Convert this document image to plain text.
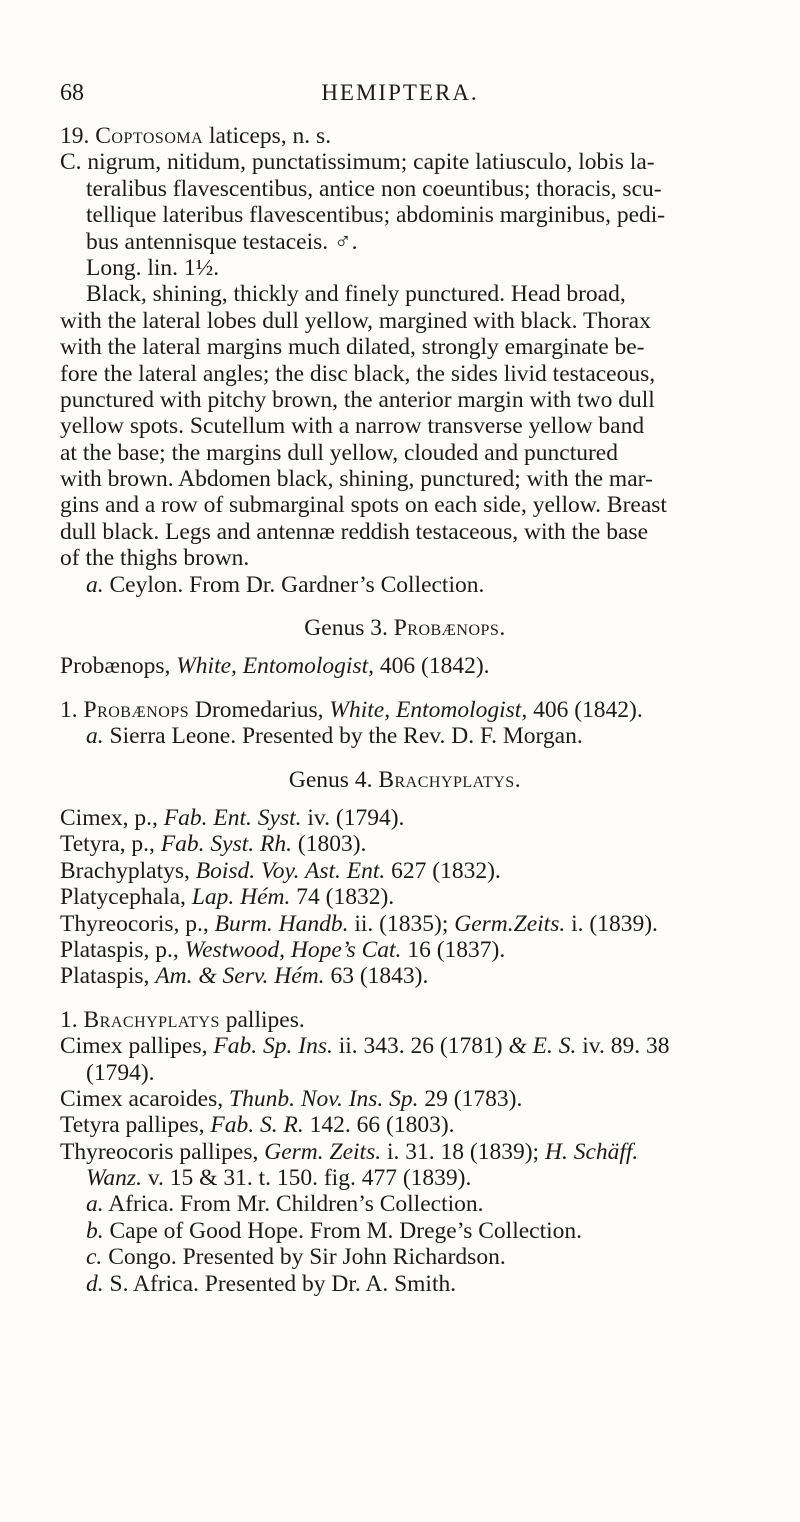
68	HEMIPTERA.
19. Coptosoma laticeps, n. s.
C. nigrum, nitidum, punctatissimum; capite latiusculo, lobis la-
teralibus flavescentibus, antice non coeuntibus; thoracis, scu-
tellique lateribus flavescentibus; abdominis marginibus, pedi-
bus antennisque testaceis. ♂.
Long. lin. 1½.
Black, shining, thickly and finely punctured. Head broad,
with the lateral lobes dull yellow, margined with black. Thorax
with the lateral margins much dilated, strongly emarginate be-
fore the lateral angles; the disc black, the sides livid testaceous,
punctured with pitchy brown, the anterior margin with two dull
yellow spots. Scutellum with a narrow transverse yellow band
at the base; the margins dull yellow, clouded and punctured
with brown. Abdomen black, shining, punctured; with the mar-
gins and a row of submarginal spots on each side, yellow. Breast
dull black. Legs and antennæ reddish testaceous, with the base
of the thighs brown.
a. Ceylon. From Dr. Gardner’s Collection.
Genus 3. Probænops.
Probænops, White, Entomologist, 406 (1842).
1. Probænops Dromedarius, White, Entomologist, 406 (1842).
a. Sierra Leone. Presented by the Rev. D. F. Morgan.
Genus 4. Brachyplatys.
Cimex, p., Fab. Ent. Syst. iv. (1794).
Tetyra, p., Fab. Syst. Rh. (1803).
Brachyplatys, Boisd. Voy. Ast. Ent. 627 (1832).
Platycephala, Lap. Hém. 74 (1832).
Thyreocoris, p., Burm. Handb. ii. (1835); Germ.Zeits. i. (1839).
Plataspis, p., Westwood, Hope’s Cat. 16 (1837).
Plataspis, Am. & Serv. Hém. 63 (1843).
1. Brachyplatys pallipes.
Cimex pallipes, Fab. Sp. Ins. ii. 343. 26 (1781) & E. S. iv. 89. 38
(1794).
Cimex acaroides, Thunb. Nov. Ins. Sp. 29 (1783).
Tetyra pallipes, Fab. S. R. 142. 66 (1803).
Thyreocoris pallipes, Germ. Zeits. i. 31. 18 (1839); H. Schäff.
Wanz. v. 15 & 31. t. 150. fig. 477 (1839).
a. Africa. From Mr. Children’s Collection.
b. Cape of Good Hope. From M. Drege’s Collection.
c. Congo. Presented by Sir John Richardson.
d. S. Africa. Presented by Dr. A. Smith.
